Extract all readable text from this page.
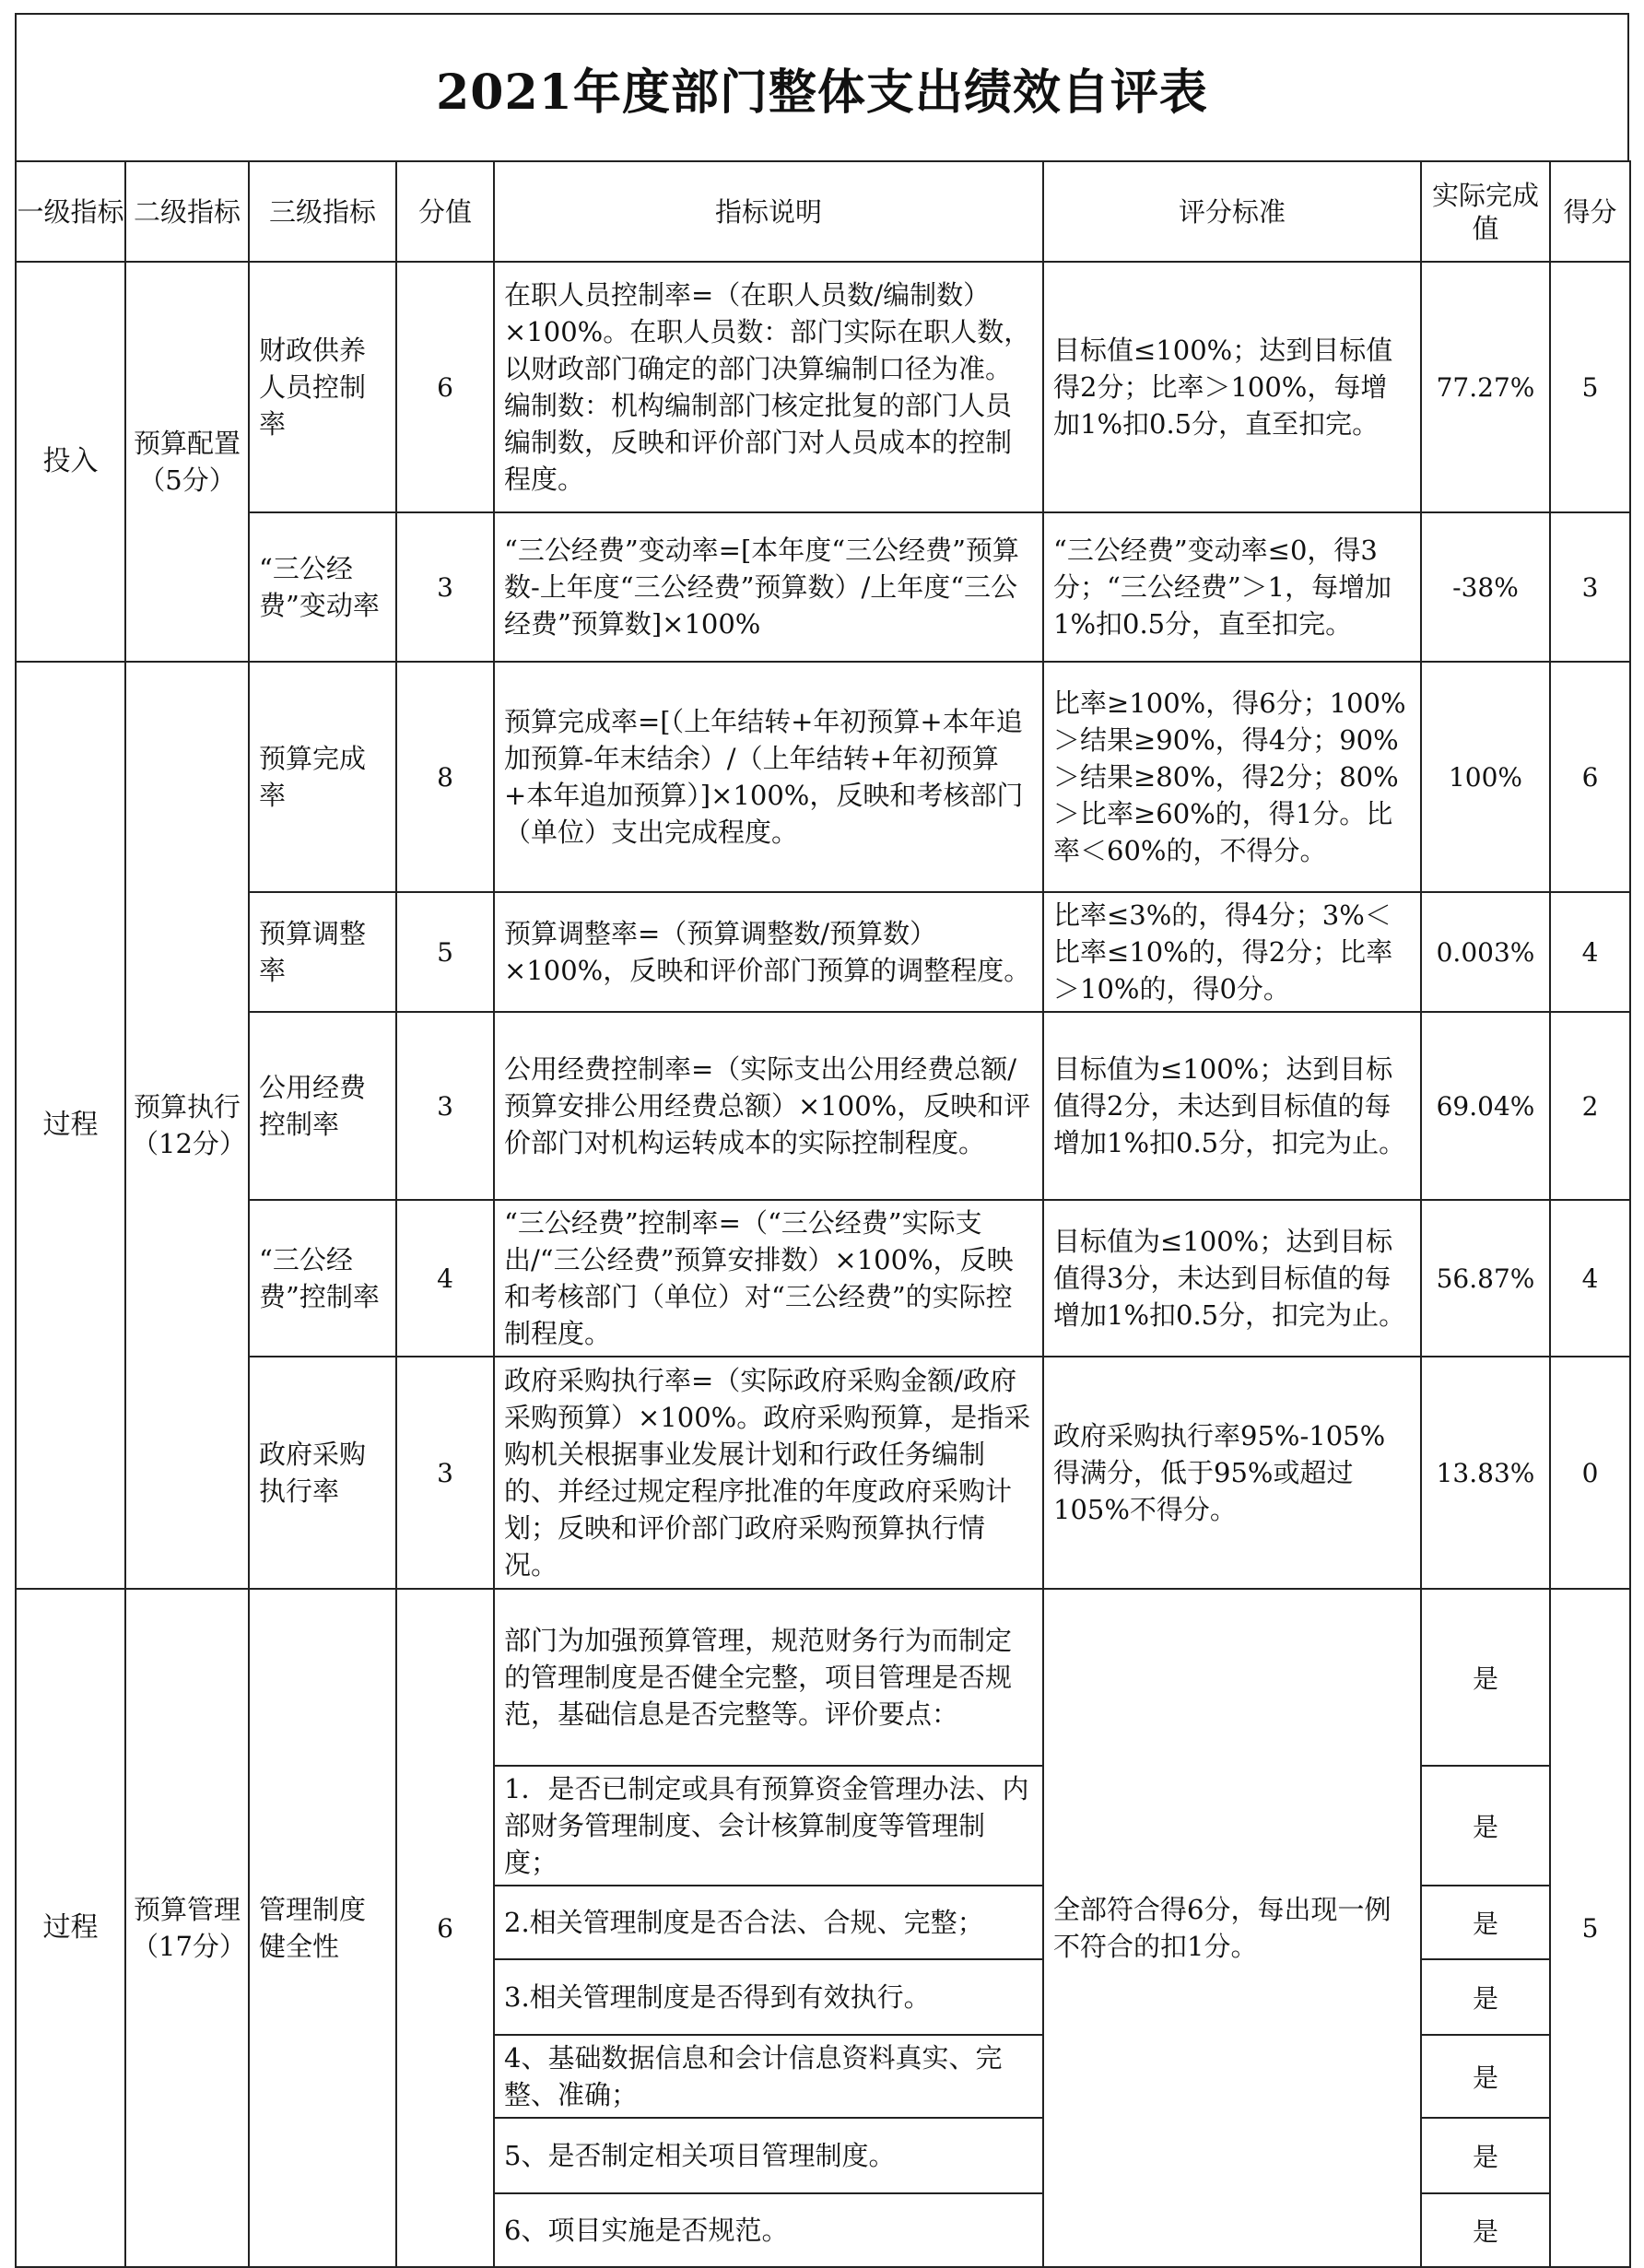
2021年度部门整体支出绩效自评表
一级指标	二级指标	三级指标	分值	指标说明	评分标准	实际完成值	得分
投入	预算配置（5分）	财政供养人员控制率	6	在职人员控制率=（在职人员数/编制数）×100%。在职人员数：部门实际在职人数，以财政部门确定的部门决算编制口径为准。编制数：机构编制部门核定批复的部门人员编制数，反映和评价部门对人员成本的控制程度。	目标值≤100%；达到目标值得2分；比率＞100%，每增加1%扣0.5分，直至扣完。	77.27%	5
		“三公经费”变动率	3	“三公经费”变动率=[本年度“三公经费”预算数-上年度“三公经费”预算数）/上年度“三公经费”预算数]×100%	“三公经费”变动率≤0，得3分；“三公经费”＞1，每增加1%扣0.5分，直至扣完。	-38%	3
过程	预算执行（12分）	预算完成率	8	预算完成率=[（上年结转+年初预算+本年追加预算-年末结余）/（上年结转+年初预算+本年追加预算）]×100%，反映和考核部门（单位）支出完成程度。	比率≥100%，得6分；100%＞结果≥90%，得4分；90%＞结果≥80%，得2分；80%＞比率≥60%的，得1分。比率＜60%的，不得分。	100%	6
		预算调整率	5	预算调整率=（预算调整数/预算数）×100%，反映和评价部门预算的调整程度。	比率≤3%的，得4分；3%＜比率≤10%的，得2分；比率＞10%的，得0分。	0.003%	4
		公用经费控制率	3	公用经费控制率=（实际支出公用经费总额/预算安排公用经费总额）×100%，反映和评价部门对机构运转成本的实际控制程度。	目标值为≤100%；达到目标值得2分，未达到目标值的每增加1%扣0.5分，扣完为止。	69.04%	2
		“三公经费”控制率	4	“三公经费”控制率=（“三公经费”实际支出/“三公经费”预算安排数）×100%，反映和考核部门（单位）对“三公经费”的实际控制程度。	目标值为≤100%；达到目标值得3分，未达到目标值的每增加1%扣0.5分，扣完为止。	56.87%	4
		政府采购执行率	3	政府采购执行率=（实际政府采购金额/政府采购预算）×100%。政府采购预算，是指采购机关根据事业发展计划和行政任务编制的、并经过规定程序批准的年度政府采购计划；反映和评价部门政府采购预算执行情况。	政府采购执行率95%-105%得满分，低于95%或超过105%不得分。	13.83%	0
过程	预算管理（17分）	管理制度健全性	6	部门为加强预算管理，规范财务行为而制定的管理制度是否健全完整，项目管理是否规范，基础信息是否完整等。评价要点：	全部符合得6分，每出现一例不符合的扣1分。	是	5
				1．是否已制定或具有预算资金管理办法、内部财务管理制度、会计核算制度等管理制度；		是	
				2.相关管理制度是否合法、合规、完整；		是	
				3.相关管理制度是否得到有效执行。		是	
				4、基础数据信息和会计信息资料真实、完整、准确；		是	
				5、是否制定相关项目管理制度。		是	
				6、项目实施是否规范。		是	
